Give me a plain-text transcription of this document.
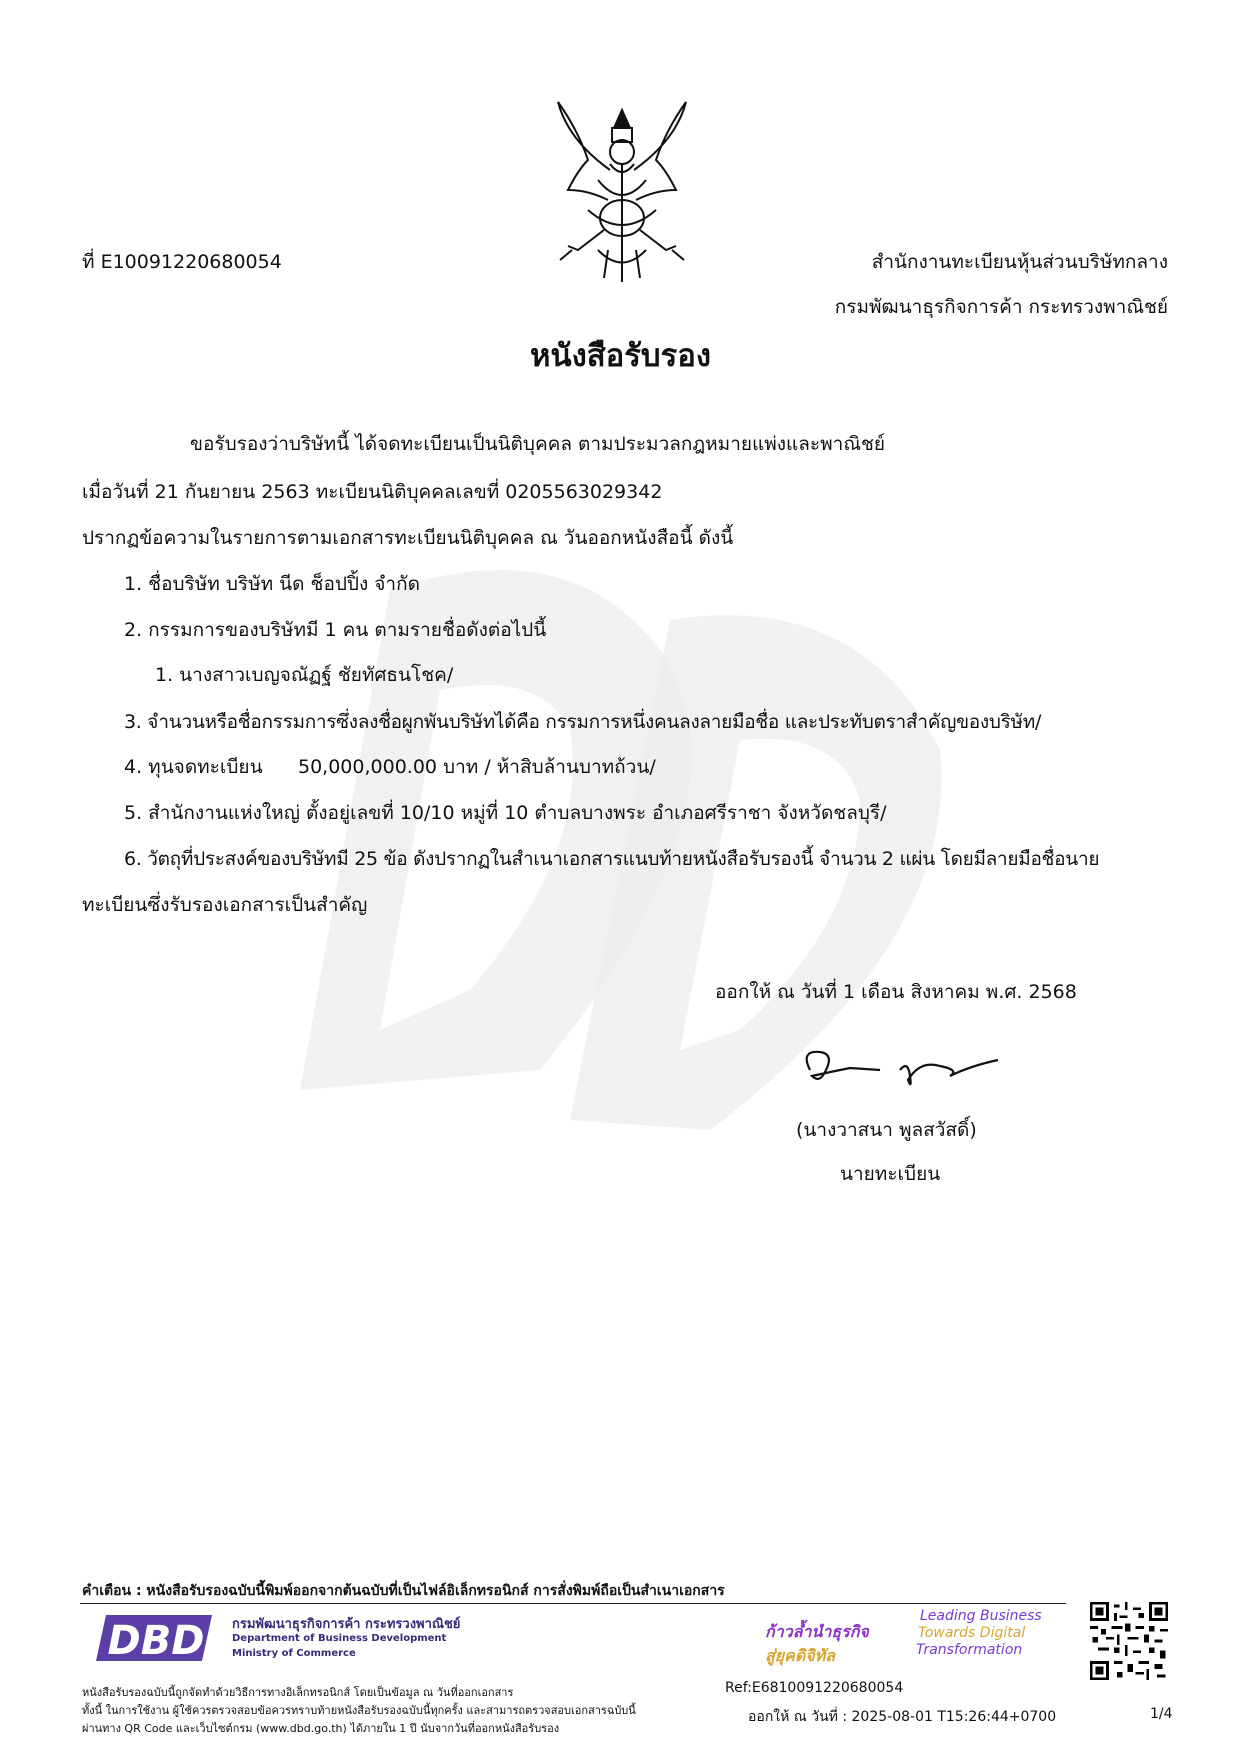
ที่ E10091220680054	สำนักงานทะเบียนหุ้นส่วนบริษัทกลาง
กรมพัฒนาธุรกิจการค้า กระทรวงพาณิชย์
หนังสือรับรอง
ขอรับรองว่าบริษัทนี้ ได้จดทะเบียนเป็นนิติบุคคล ตามประมวลกฎหมายแพ่งและพาณิชย์
เมื่อวันที่ 21 กันยายน 2563 ทะเบียนนิติบุคคลเลขที่ 0205563029342
ปรากฏข้อความในรายการตามเอกสารทะเบียนนิติบุคคล ณ วันออกหนังสือนี้ ดังนี้
1. ชื่อบริษัท บริษัท นีด ช็อปปิ้ง จำกัด
2. กรรมการของบริษัทมี 1 คน ตามรายชื่อดังต่อไปนี้
1. นางสาวเบญจณัฏฐ์ ชัยทัศธนโชค/
3. จำนวนหรือชื่อกรรมการซึ่งลงชื่อผูกพันบริษัทได้คือ กรรมการหนึ่งคนลงลายมือชื่อ และประทับตราสำคัญของบริษัท/
4. ทุนจดทะเบียน 50,000,000.00 บาท / ห้าสิบล้านบาทถ้วน/
5. สำนักงานแห่งใหญ่ ตั้งอยู่เลขที่ 10/10 หมู่ที่ 10 ตำบลบางพระ อำเภอศรีราชา จังหวัดชลบุรี/
6. วัตถุที่ประสงค์ของบริษัทมี 25 ข้อ ดังปรากฏในสำเนาเอกสารแนบท้ายหนังสือรับรองนี้ จำนวน 2 แผ่น โดยมีลายมือชื่อนาย
ทะเบียนซึ่งรับรองเอกสารเป็นสำคัญ
ออกให้ ณ วันที่ 1 เดือน สิงหาคม พ.ศ. 2568
(นางวาสนา พูลสวัสดิ์)
นายทะเบียน
คำเตือน : หนังสือรับรองฉบับนี้พิมพ์ออกจากต้นฉบับที่เป็นไฟล์อิเล็กทรอนิกส์ การสั่งพิมพ์ถือเป็นสำเนาเอกสาร
DBD กรมพัฒนาธุรกิจการค้า กระทรวงพาณิชย์
Department of Business Development
Ministry of Commerce
ก้าวล้ำนำธุรกิจ
สู่ยุคดิจิทัล
Leading Business
Towards Digital
Transformation
หนังสือรับรองฉบับนี้ถูกจัดทำด้วยวิธีการทางอิเล็กทรอนิกส์ โดยเป็นข้อมูล ณ วันที่ออกเอกสาร
ทั้งนี้ ในการใช้งาน ผู้ใช้ควรตรวจสอบข้อควรทราบท้ายหนังสือรับรองฉบับนี้ทุกครั้ง และสามารถตรวจสอบเอกสารฉบับนี้
ผ่านทาง QR Code และเว็บไซต์กรม (www.dbd.go.th) ได้ภายใน 1 ปี นับจากวันที่ออกหนังสือรับรอง
Ref:E6810091220680054
ออกให้ ณ วันที่ : 2025-08-01 T15:26:44+0700	1/4
